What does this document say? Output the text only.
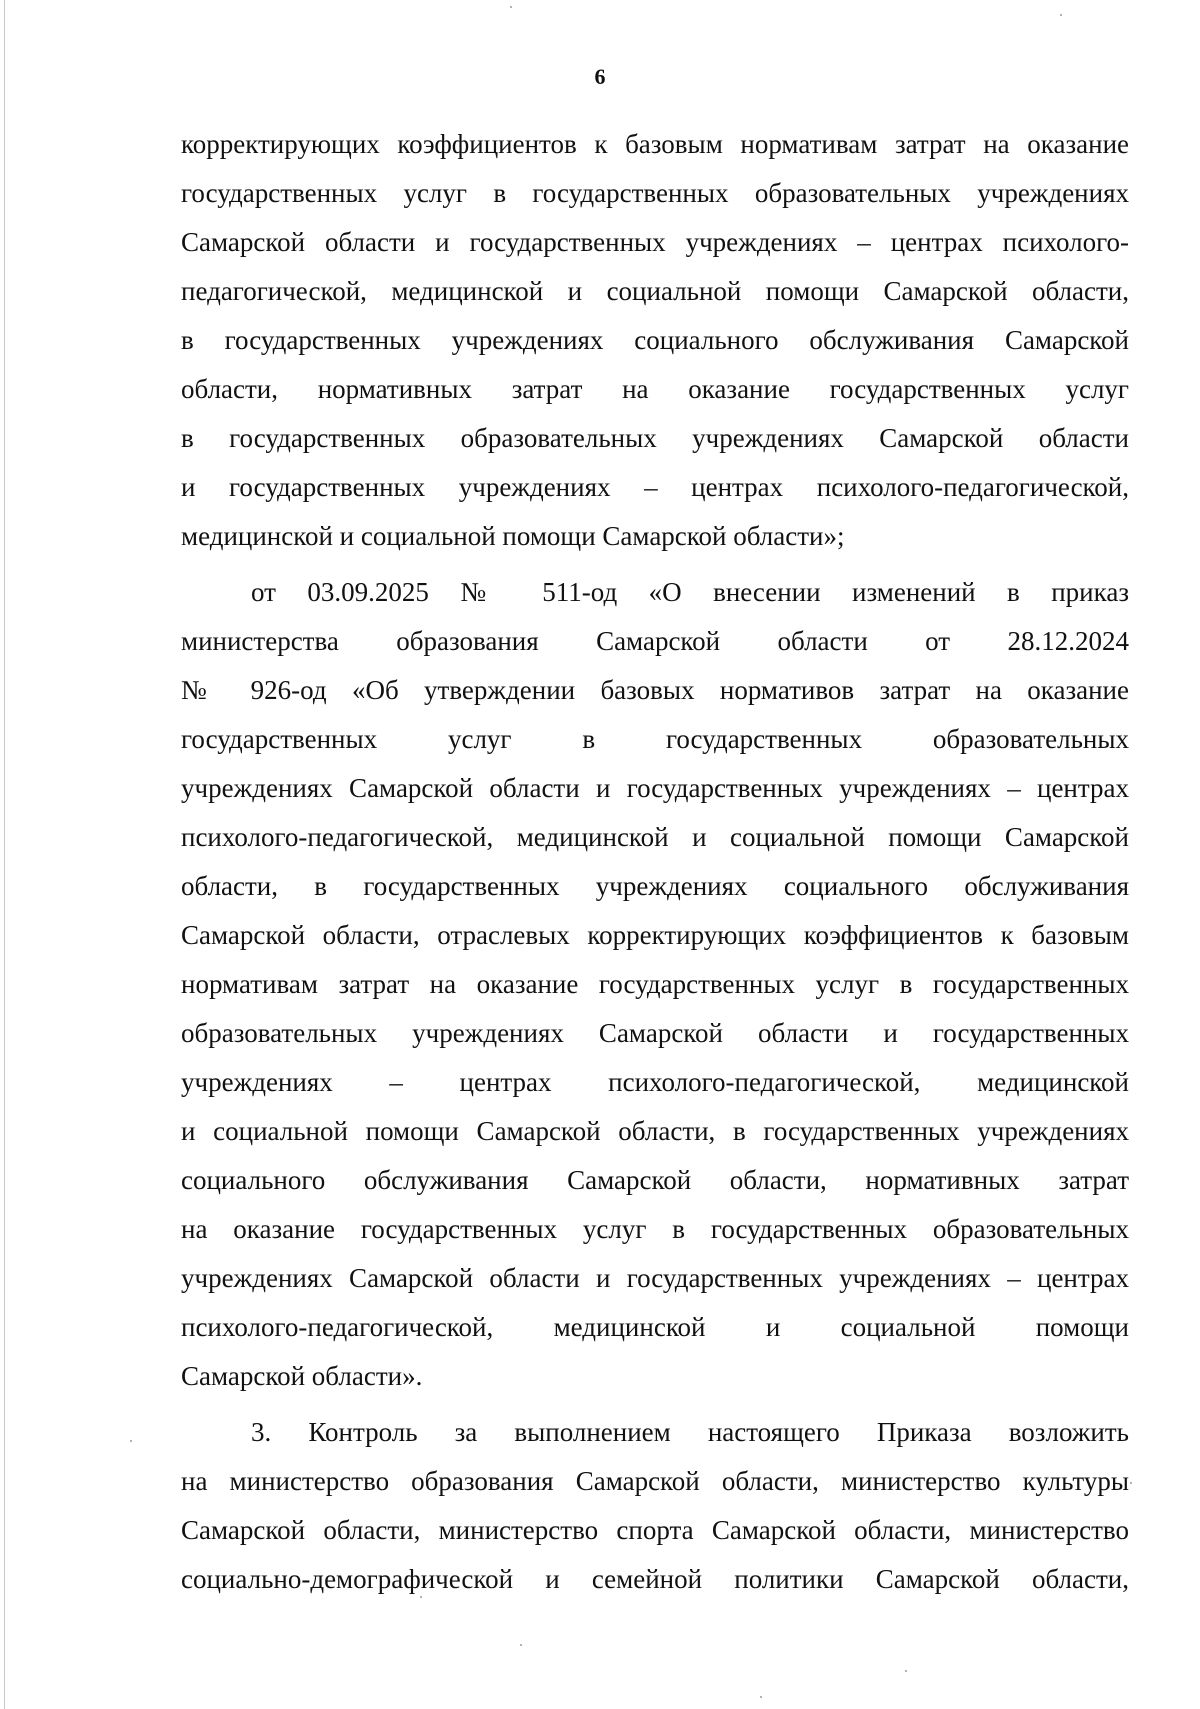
6
корректирующих коэффициентов к базовым нормативам затрат на оказание
государственных услуг в государственных образовательных учреждениях
Самарской области и государственных учреждениях – центрах психолого-
педагогической, медицинской и социальной помощи Самарской области,
в государственных учреждениях социального обслуживания Самарской
области, нормативных затрат на оказание государственных услуг
в государственных образовательных учреждениях Самарской области
и государственных учреждениях – центрах психолого-педагогической,
медицинской и социальной помощи Самарской области»;
от 03.09.2025 № 511-од «О внесении изменений в приказ
министерства образования Самарской области от 28.12.2024
№ 926-од «Об утверждении базовых нормативов затрат на оказание
государственных услуг в государственных образовательных
учреждениях Самарской области и государственных учреждениях – центрах
психолого-педагогической, медицинской и социальной помощи Самарской
области, в государственных учреждениях социального обслуживания
Самарской области, отраслевых корректирующих коэффициентов к базовым
нормативам затрат на оказание государственных услуг в государственных
образовательных учреждениях Самарской области и государственных
учреждениях – центрах психолого-педагогической, медицинской
и социальной помощи Самарской области, в государственных учреждениях
социального обслуживания Самарской области, нормативных затрат
на оказание государственных услуг в государственных образовательных
учреждениях Самарской области и государственных учреждениях – центрах
психолого-педагогической, медицинской и социальной помощи
Самарской области».
3. Контроль за выполнением настоящего Приказа возложить
на министерство образования Самарской области, министерство культуры
Самарской области, министерство спорта Самарской области, министерство
социально-демографической и семейной политики Самарской области,
